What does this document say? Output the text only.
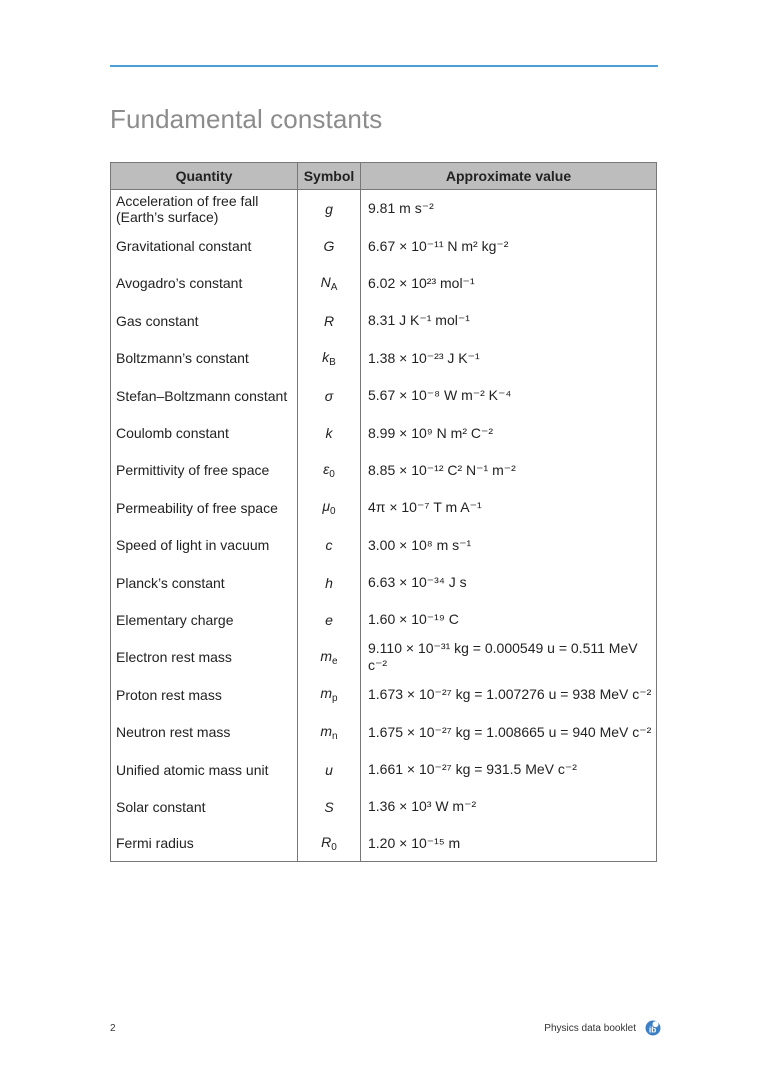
Fundamental constants
Quantity	Symbol	Approximate value
Acceleration of free fall (Earth’s surface)	g	9.81 m s⁻²
Gravitational constant	G	6.67 × 10⁻¹¹ N m² kg⁻²
Avogadro’s constant	$N_A$	6.02 × 10²³ mol⁻¹
Gas constant	R	8.31 J K⁻¹ mol⁻¹
Boltzmann’s constant	$k_B$	1.38 × 10⁻²³ J K⁻¹
Stefan–Boltzmann constant	σ	5.67 × 10⁻⁸ W m⁻² K⁻⁴
Coulomb constant	k	8.99 × 10⁹ N m² C⁻²
Permittivity of free space	$\varepsilon_0$	8.85 × 10⁻¹² C² N⁻¹ m⁻²
Permeability of free space	$\mu_0$	4π × 10⁻⁷ T m A⁻¹
Speed of light in vacuum	c	3.00 × 10⁸ m s⁻¹
Planck’s constant	h	6.63 × 10⁻³⁴ J s
Elementary charge	e	1.60 × 10⁻¹⁹ C
Electron rest mass	$m_e$	9.110 × 10⁻³¹ kg = 0.000549 u = 0.511 MeV c⁻²
Proton rest mass	$m_p$	1.673 × 10⁻²⁷ kg = 1.007276 u = 938 MeV c⁻²
Neutron rest mass	$m_n$	1.675 × 10⁻²⁷ kg = 1.008665 u = 940 MeV c⁻²
Unified atomic mass unit	u	1.661 × 10⁻²⁷ kg = 931.5 MeV c⁻²
Solar constant	S	1.36 × 10³ W m⁻²
Fermi radius	$R_0$	1.20 × 10⁻¹⁵ m
2	Physics data booklet ib
